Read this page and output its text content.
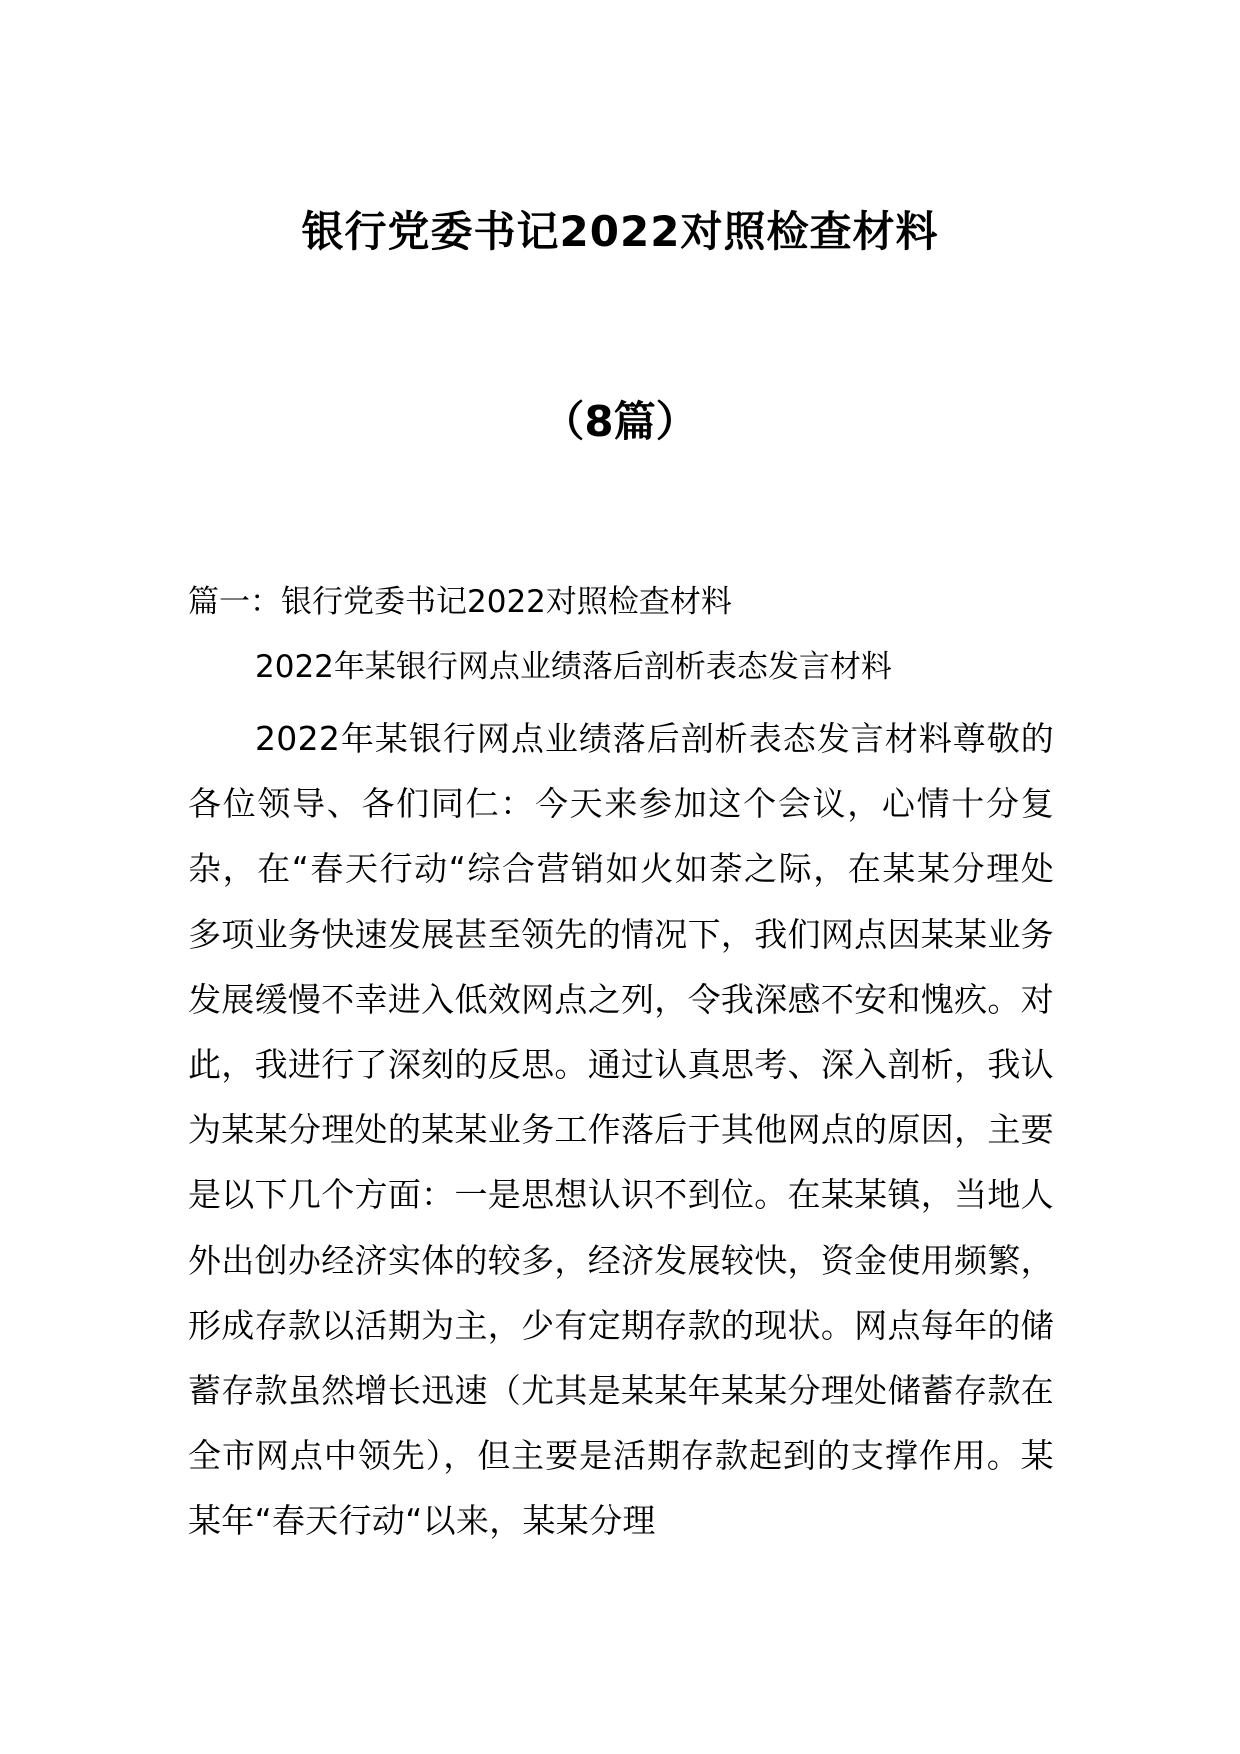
银行党委书记2022对照检查材料
（8篇）
篇一：银行党委书记2022对照检查材料
2022年某银行网点业绩落后剖析表态发言材料

2022年某银行网点业绩落后剖析表态发言材料尊敬的各位领导、各们同仁：今天来参加这个会议，心情十分复杂，在“春天行动“综合营销如火如荼之际，在某某分理处多项业务快速发展甚至领先的情况下，我们网点因某某业务发展缓慢不幸进入低效网点之列，令我深感不安和愧疚。对此，我进行了深刻的反思。通过认真思考、深入剖析，我认为某某分理处的某某业务工作落后于其他网点的原因，主要是以下几个方面：一是思想认识不到位。在某某镇，当地人外出创办经济实体的较多，经济发展较快，资金使用频繁，形成存款以活期为主，少有定期存款的现状。网点每年的储蓄存款虽然增长迅速（尤其是某某年某某分理处储蓄存款在全市网点中领先），但主要是活期存款起到的支撑作用。某某年“春天行动“以来，某某分理
